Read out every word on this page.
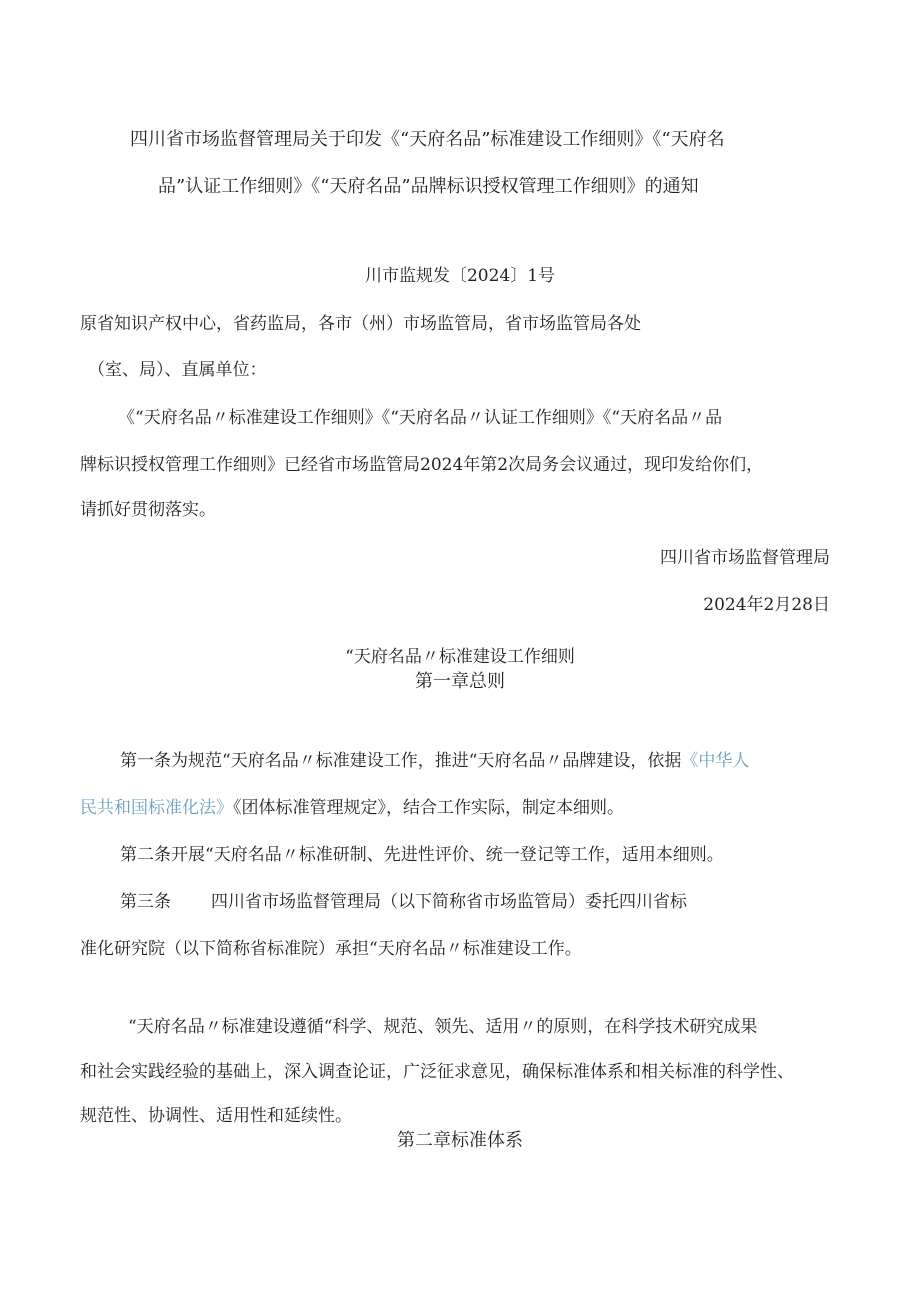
四川省市场监督管理局关于印发《“天府名品”标准建设工作细则》《“天府名
品”认证工作细则》《“天府名品”品牌标识授权管理工作细则》的通知
川市监规发〔2024〕1号
原省知识产权中心，省药监局，各市（州）市场监管局，省市场监管局各处
（室、局）、直属单位：
《“天府名品〃标准建设工作细则》《“天府名品〃认证工作细则》《“天府名品〃品
牌标识授权管理工作细则》已经省市场监管局2024年第2次局务会议通过，现印发给你们，
请抓好贯彻落实。
四川省市场监督管理局
2024年2月28日
“天府名品〃标准建设工作细则
第一章总则
第一条为规范“天府名品〃标准建设工作，推进“天府名品〃品牌建设，依据《中华人
民共和国标准化法》《团体标准管理规定》，结合工作实际，制定本细则。
第二条开展“天府名品〃标准研制、先进性评价、统一登记等工作，适用本细则。
第三条 四川省市场监督管理局（以下简称省市场监管局）委托四川省标
准化研究院（以下简称省标准院）承担“天府名品〃标准建设工作。
“天府名品〃标准建设遵循“科学、规范、领先、适用〃的原则，在科学技术研究成果
和社会实践经验的基础上，深入调查论证，广泛征求意见，确保标准体系和相关标准的科学性、
规范性、协调性、适用性和延续性。
第二章标准体系
